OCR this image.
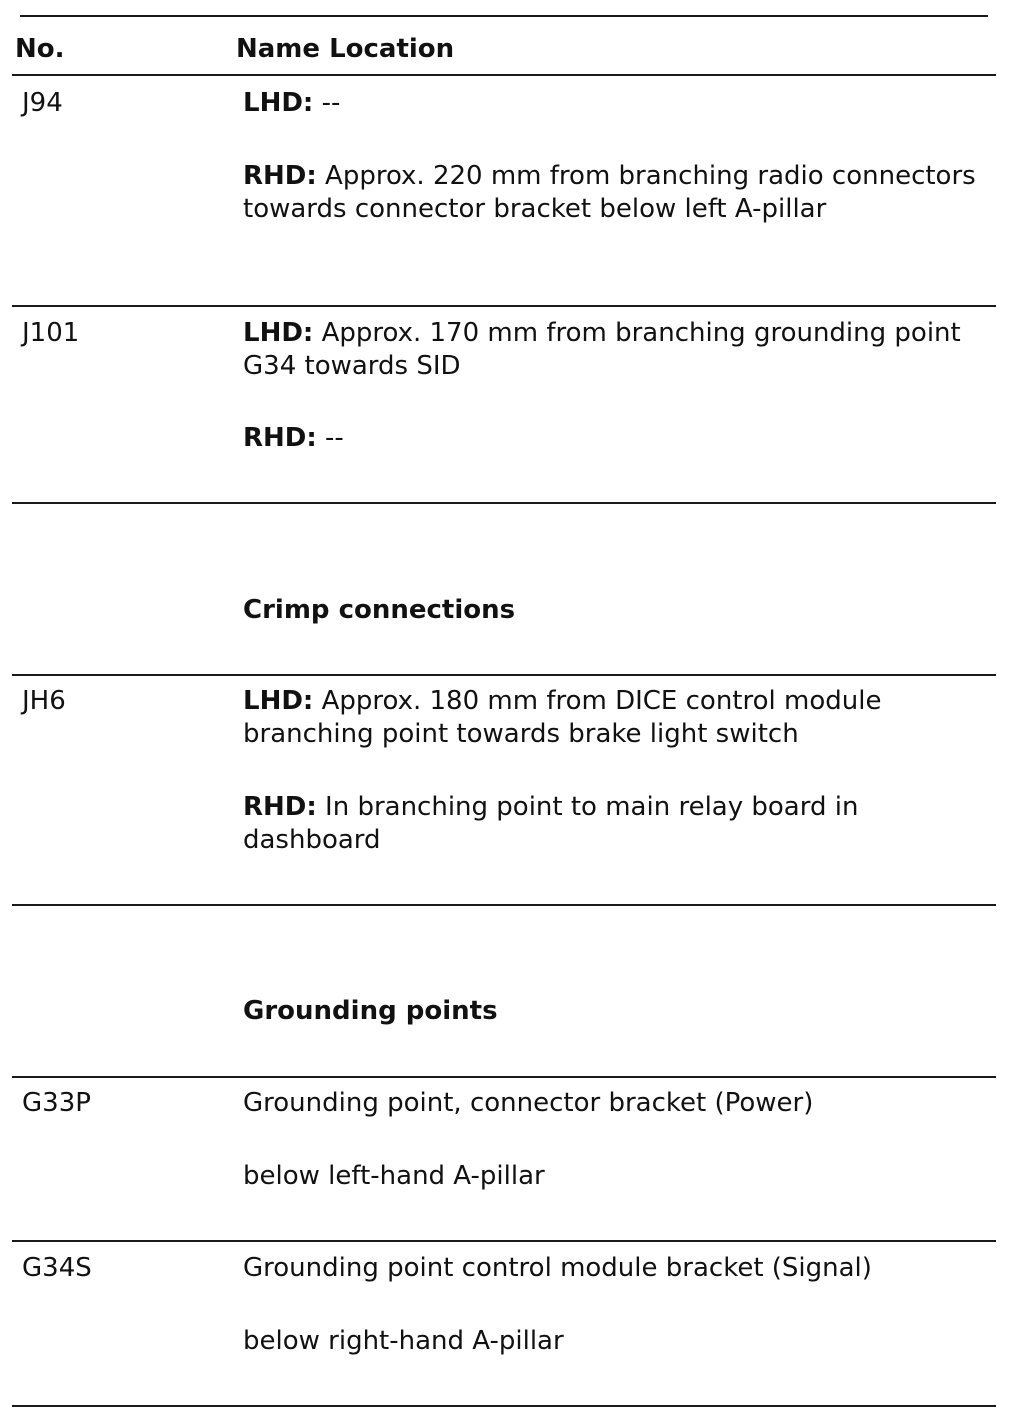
No.	Name Location
J94	LHD: --
RHD: Approx. 220 mm from branching radio connectors towards connector bracket below left A-pillar
J101	LHD: Approx. 170 mm from branching grounding point G34 towards SID
RHD: --
Crimp connections
JH6	LHD: Approx. 180 mm from DICE control module branching point towards brake light switch
RHD: In branching point to main relay board in dashboard
Grounding points
G33P	Grounding point, connector bracket (Power)
below left-hand A-pillar
G34S	Grounding point control module bracket (Signal)
below right-hand A-pillar
